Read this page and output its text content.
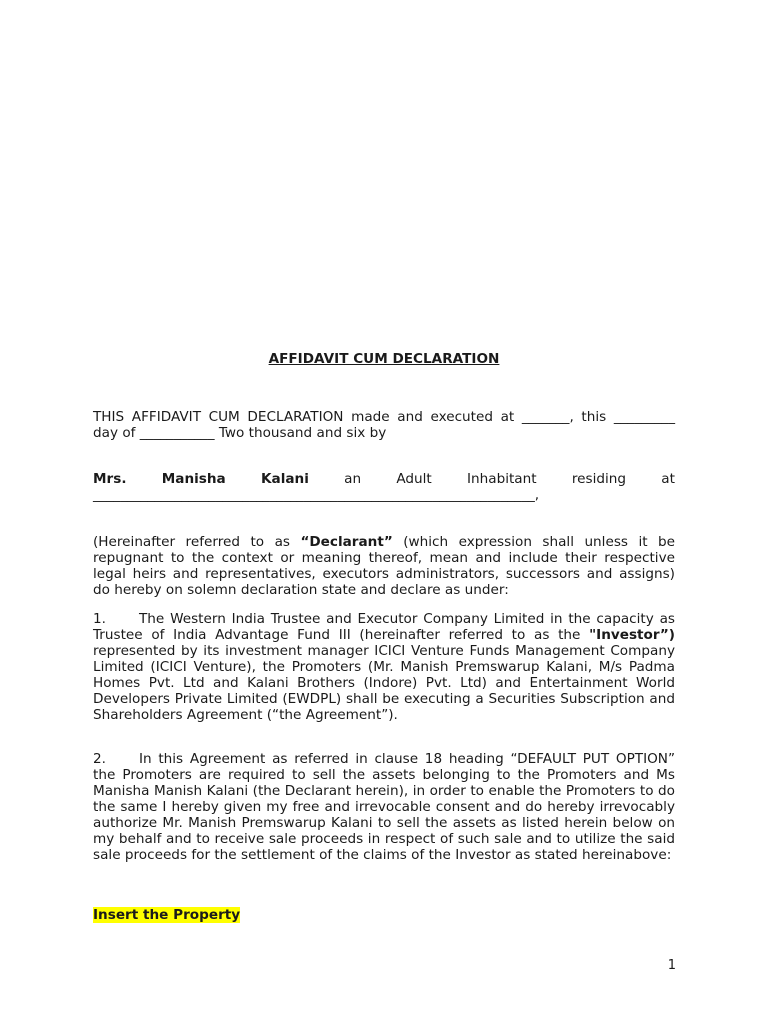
AFFIDAVIT CUM DECLARATION
THIS AFFIDAVIT CUM DECLARATION made and executed at _______, this _________
day of ___________ Two thousand and six by
Mrs.	Manisha	Kalani	an	Adult	Inhabitant	residing	at
_________________________________________________________________,

(Hereinafter referred to as “Declarant” (which expression shall unless it be repugnant to the context or meaning thereof, mean and include their respective legal heirs and representatives, executors administrators, successors and assigns) do hereby on solemn declaration state and declare as under:

1. The Western India Trustee and Executor Company Limited in the capacity as Trustee of India Advantage Fund III (hereinafter referred to as the "Investor”) represented by its investment manager ICICI Venture Funds Management Company Limited (ICICI Venture), the Promoters (Mr. Manish Premswarup Kalani, M/s Padma Homes Pvt. Ltd and Kalani Brothers (Indore) Pvt. Ltd) and Entertainment World Developers Private Limited (EWDPL) shall be executing a Securities Subscription and Shareholders Agreement (“the Agreement”).

2. In this Agreement as referred in clause 18 heading “DEFAULT PUT OPTION” the Promoters are required to sell the assets belonging to the Promoters and Ms Manisha Manish Kalani (the Declarant herein), in order to enable the Promoters to do the same I hereby given my free and irrevocable consent and do hereby irrevocably authorize Mr. Manish Premswarup Kalani to sell the assets as listed herein below on my behalf and to receive sale proceeds in respect of such sale and to utilize the said sale proceeds for the settlement of the claims of the Investor as stated hereinabove:

Insert the Property
1
